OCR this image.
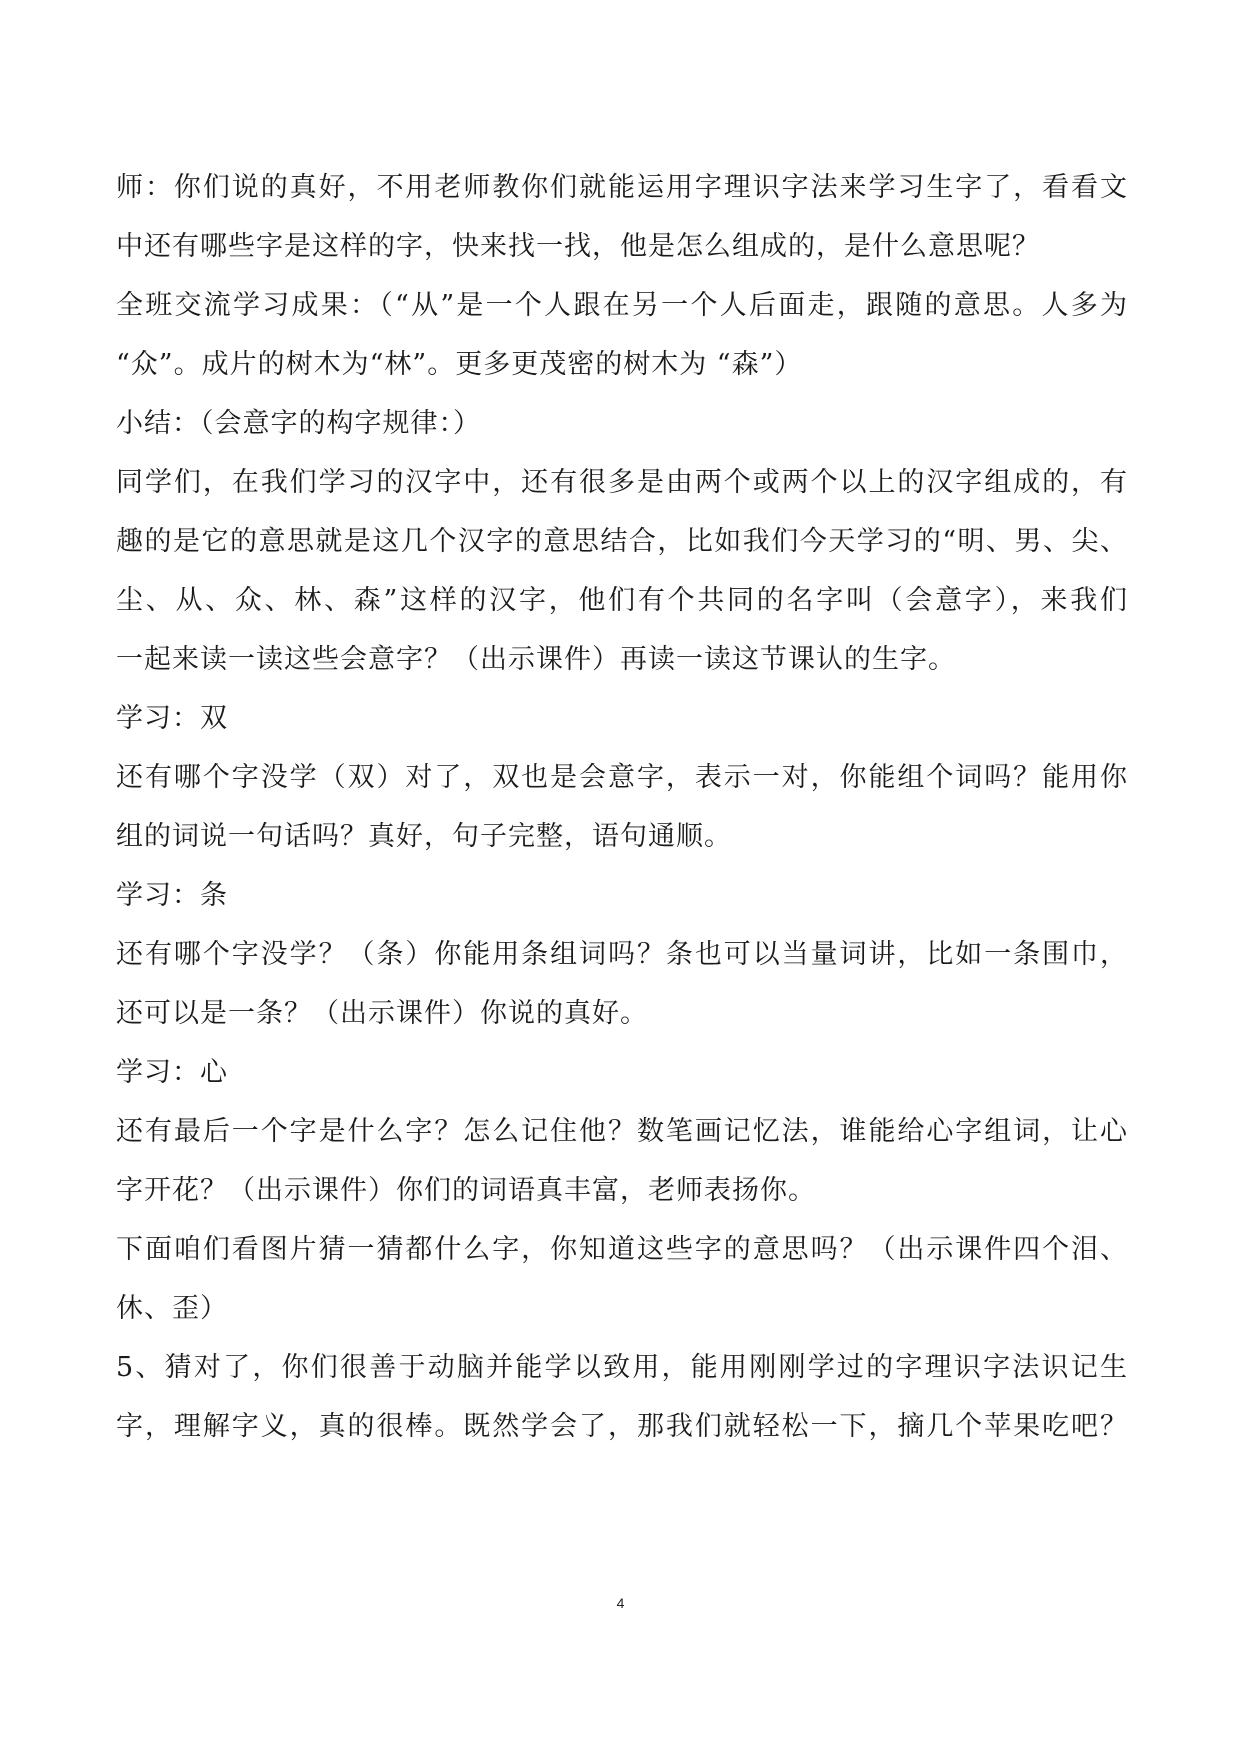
师：你们说的真好，不用老师教你们就能运用字理识字法来学习生字了，看看文
中还有哪些字是这样的字，快来找一找，他是怎么组成的，是什么意思呢？
全班交流学习成果：（“从”是一个人跟在另一个人后面走，跟随的意思。人多为
“众”。成片的树木为“林”。更多更茂密的树木为 “森”）
小结：（会意字的构字规律：）
同学们，在我们学习的汉字中，还有很多是由两个或两个以上的汉字组成的，有
趣的是它的意思就是这几个汉字的意思结合，比如我们今天学习的“明、男、尖、
尘、从、众、林、森”这样的汉字，他们有个共同的名字叫（会意字），来我们
一起来读一读这些会意字？（出示课件）再读一读这节课认的生字。
学习：双
还有哪个字没学（双）对了，双也是会意字，表示一对，你能组个词吗？能用你
组的词说一句话吗？真好，句子完整，语句通顺。
学习：条
还有哪个字没学？（条）你能用条组词吗？条也可以当量词讲，比如一条围巾，
还可以是一条？（出示课件）你说的真好。
学习：心
还有最后一个字是什么字？怎么记住他？数笔画记忆法，谁能给心字组词，让心
字开花？（出示课件）你们的词语真丰富，老师表扬你。
下面咱们看图片猜一猜都什么字，你知道这些字的意思吗？（出示课件四个泪、
休、歪）
5、猜对了，你们很善于动脑并能学以致用，能用刚刚学过的字理识字法识记生
字，理解字义，真的很棒。既然学会了，那我们就轻松一下，摘几个苹果吃吧？
4
